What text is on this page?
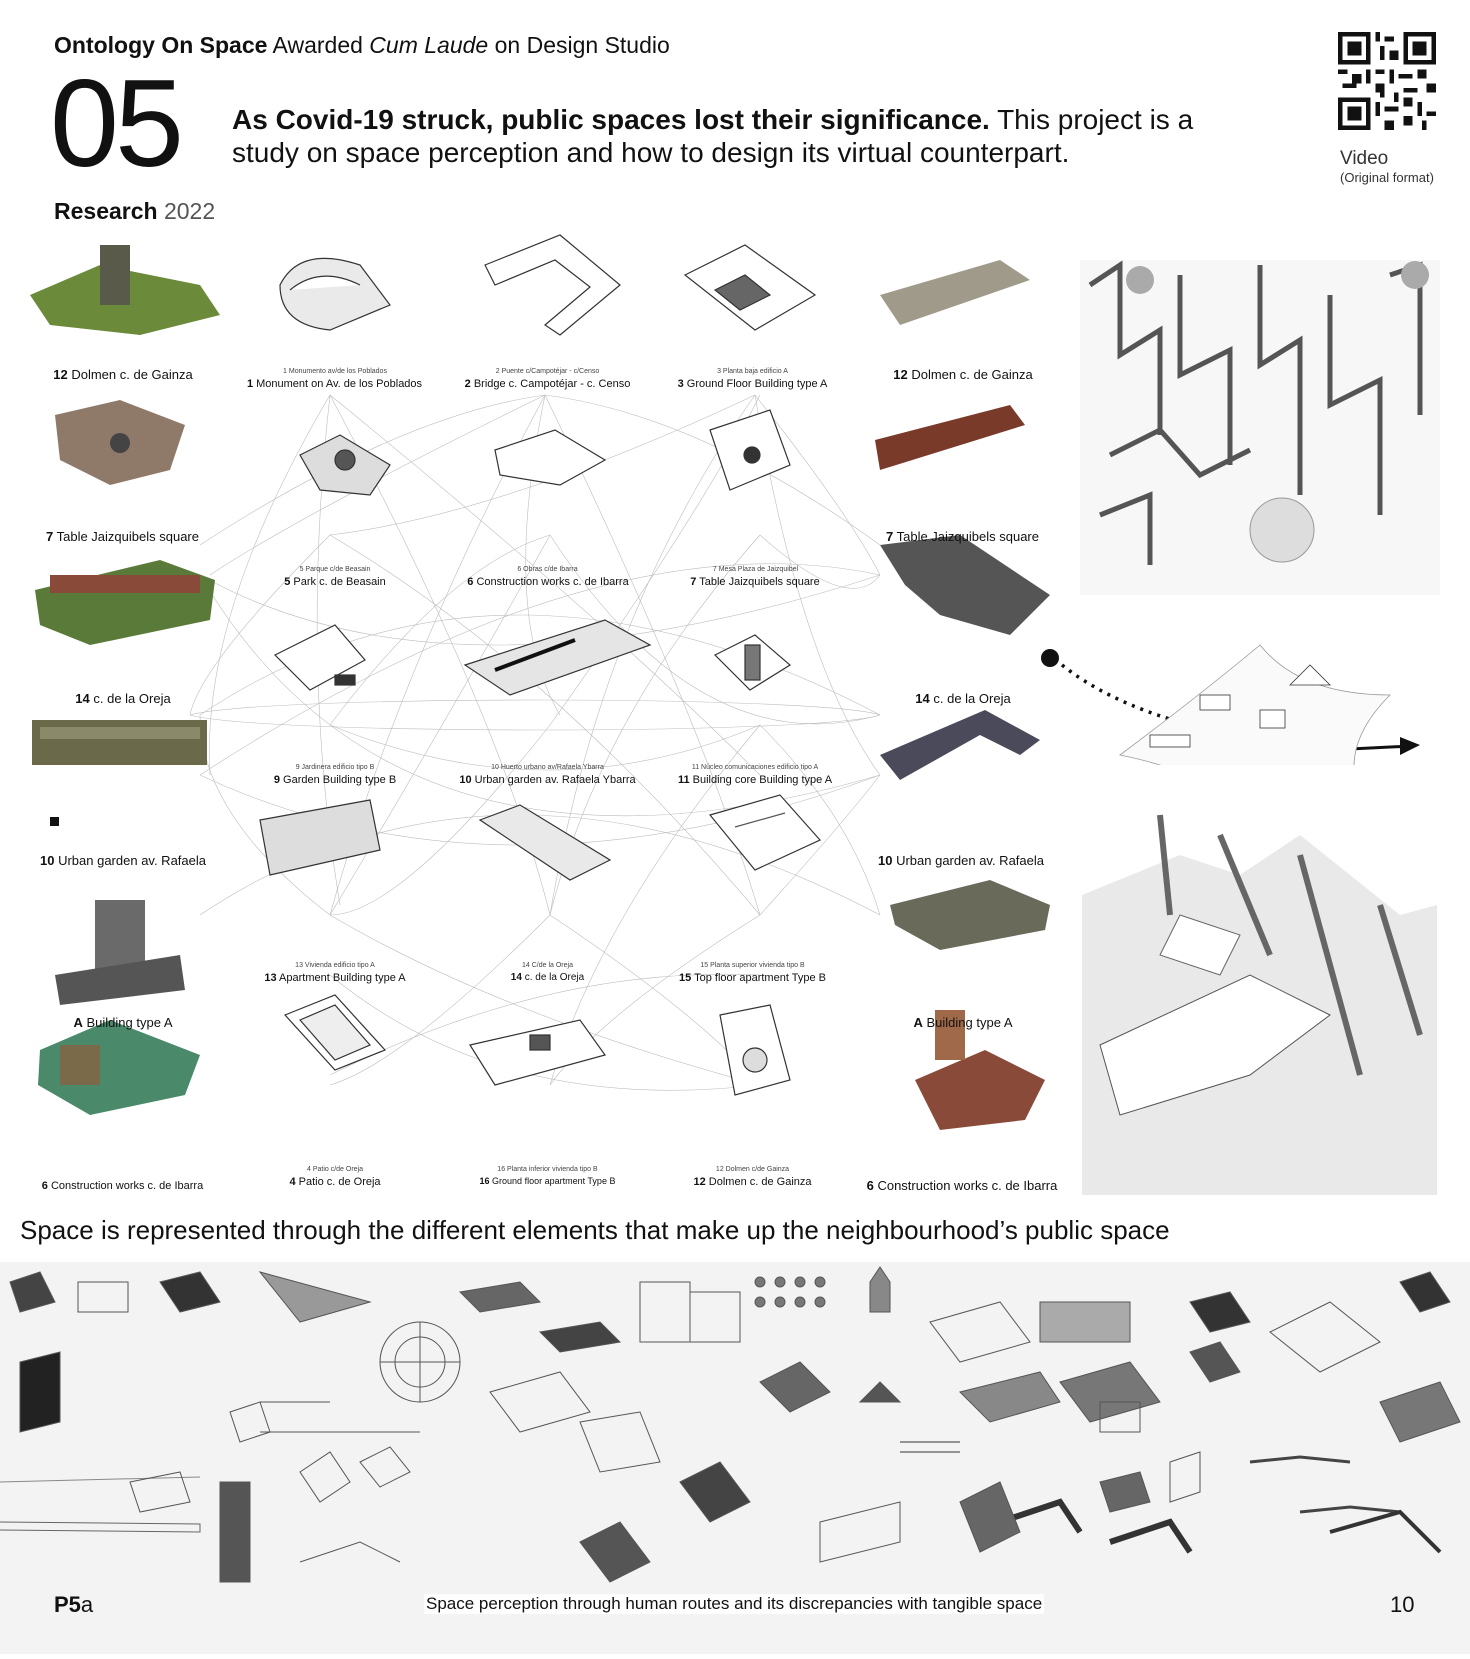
Ontology On Space Awarded Cum Laude on Design Studio
05
Research 2022
As Covid-19 struck, public spaces lost their significance. This project is a study on space perception and how to design its virtual counterpart.	Video
(Original format)
12 Dolmen c. de Gainza
7 Table Jaizquibels square
14 c. de la Oreja
10 Urban garden av. Rafaela
A Building type A
6 Construction works c. de Ibarra
12 Dolmen c. de Gainza
7 Table Jaizquibels square
14 c. de la Oreja
10 Urban garden av. Rafaela
A Building type A
6 Construction works c. de Ibarra
1 Monumento av/de los Poblados
1 Monument on Av. de los Poblados
2 Puente c/Campotéjar - c/Censo
2 Bridge c. Campotéjar - c. Censo
3 Planta baja edificio A
3 Ground Floor Building type A
5 Parque c/de Beasain
5 Park c. de Beasain
6 Obras c/de Ibarra
6 Construction works c. de Ibarra
7 Mesa Plaza de Jaizquibel
7 Table Jaizquibels square
9 Jardinera edificio tipo B
9 Garden Building type B
10 Huerto urbano av/Rafaela Ybarra
10 Urban garden av. Rafaela Ybarra
11 Núcleo comunicaciones edificio tipo A
11 Building core Building type A
13 Vivienda edificio tipo A
13 Apartment Building type A
14 C/de la Oreja
14 c. de la Oreja
15 Planta superior vivienda tipo B
15 Top floor apartment Type B
4 Patio c/de Oreja
4 Patio c. de Oreja
16 Planta inferior vivienda tipo B
16 Ground floor apartment Type B
12 Dolmen c/de Gainza
12 Dolmen c. de Gainza
Space is represented through the different elements that make up the neighbourhood’s public space
P5a	Space perception through human routes and its discrepancies with tangible space	10
